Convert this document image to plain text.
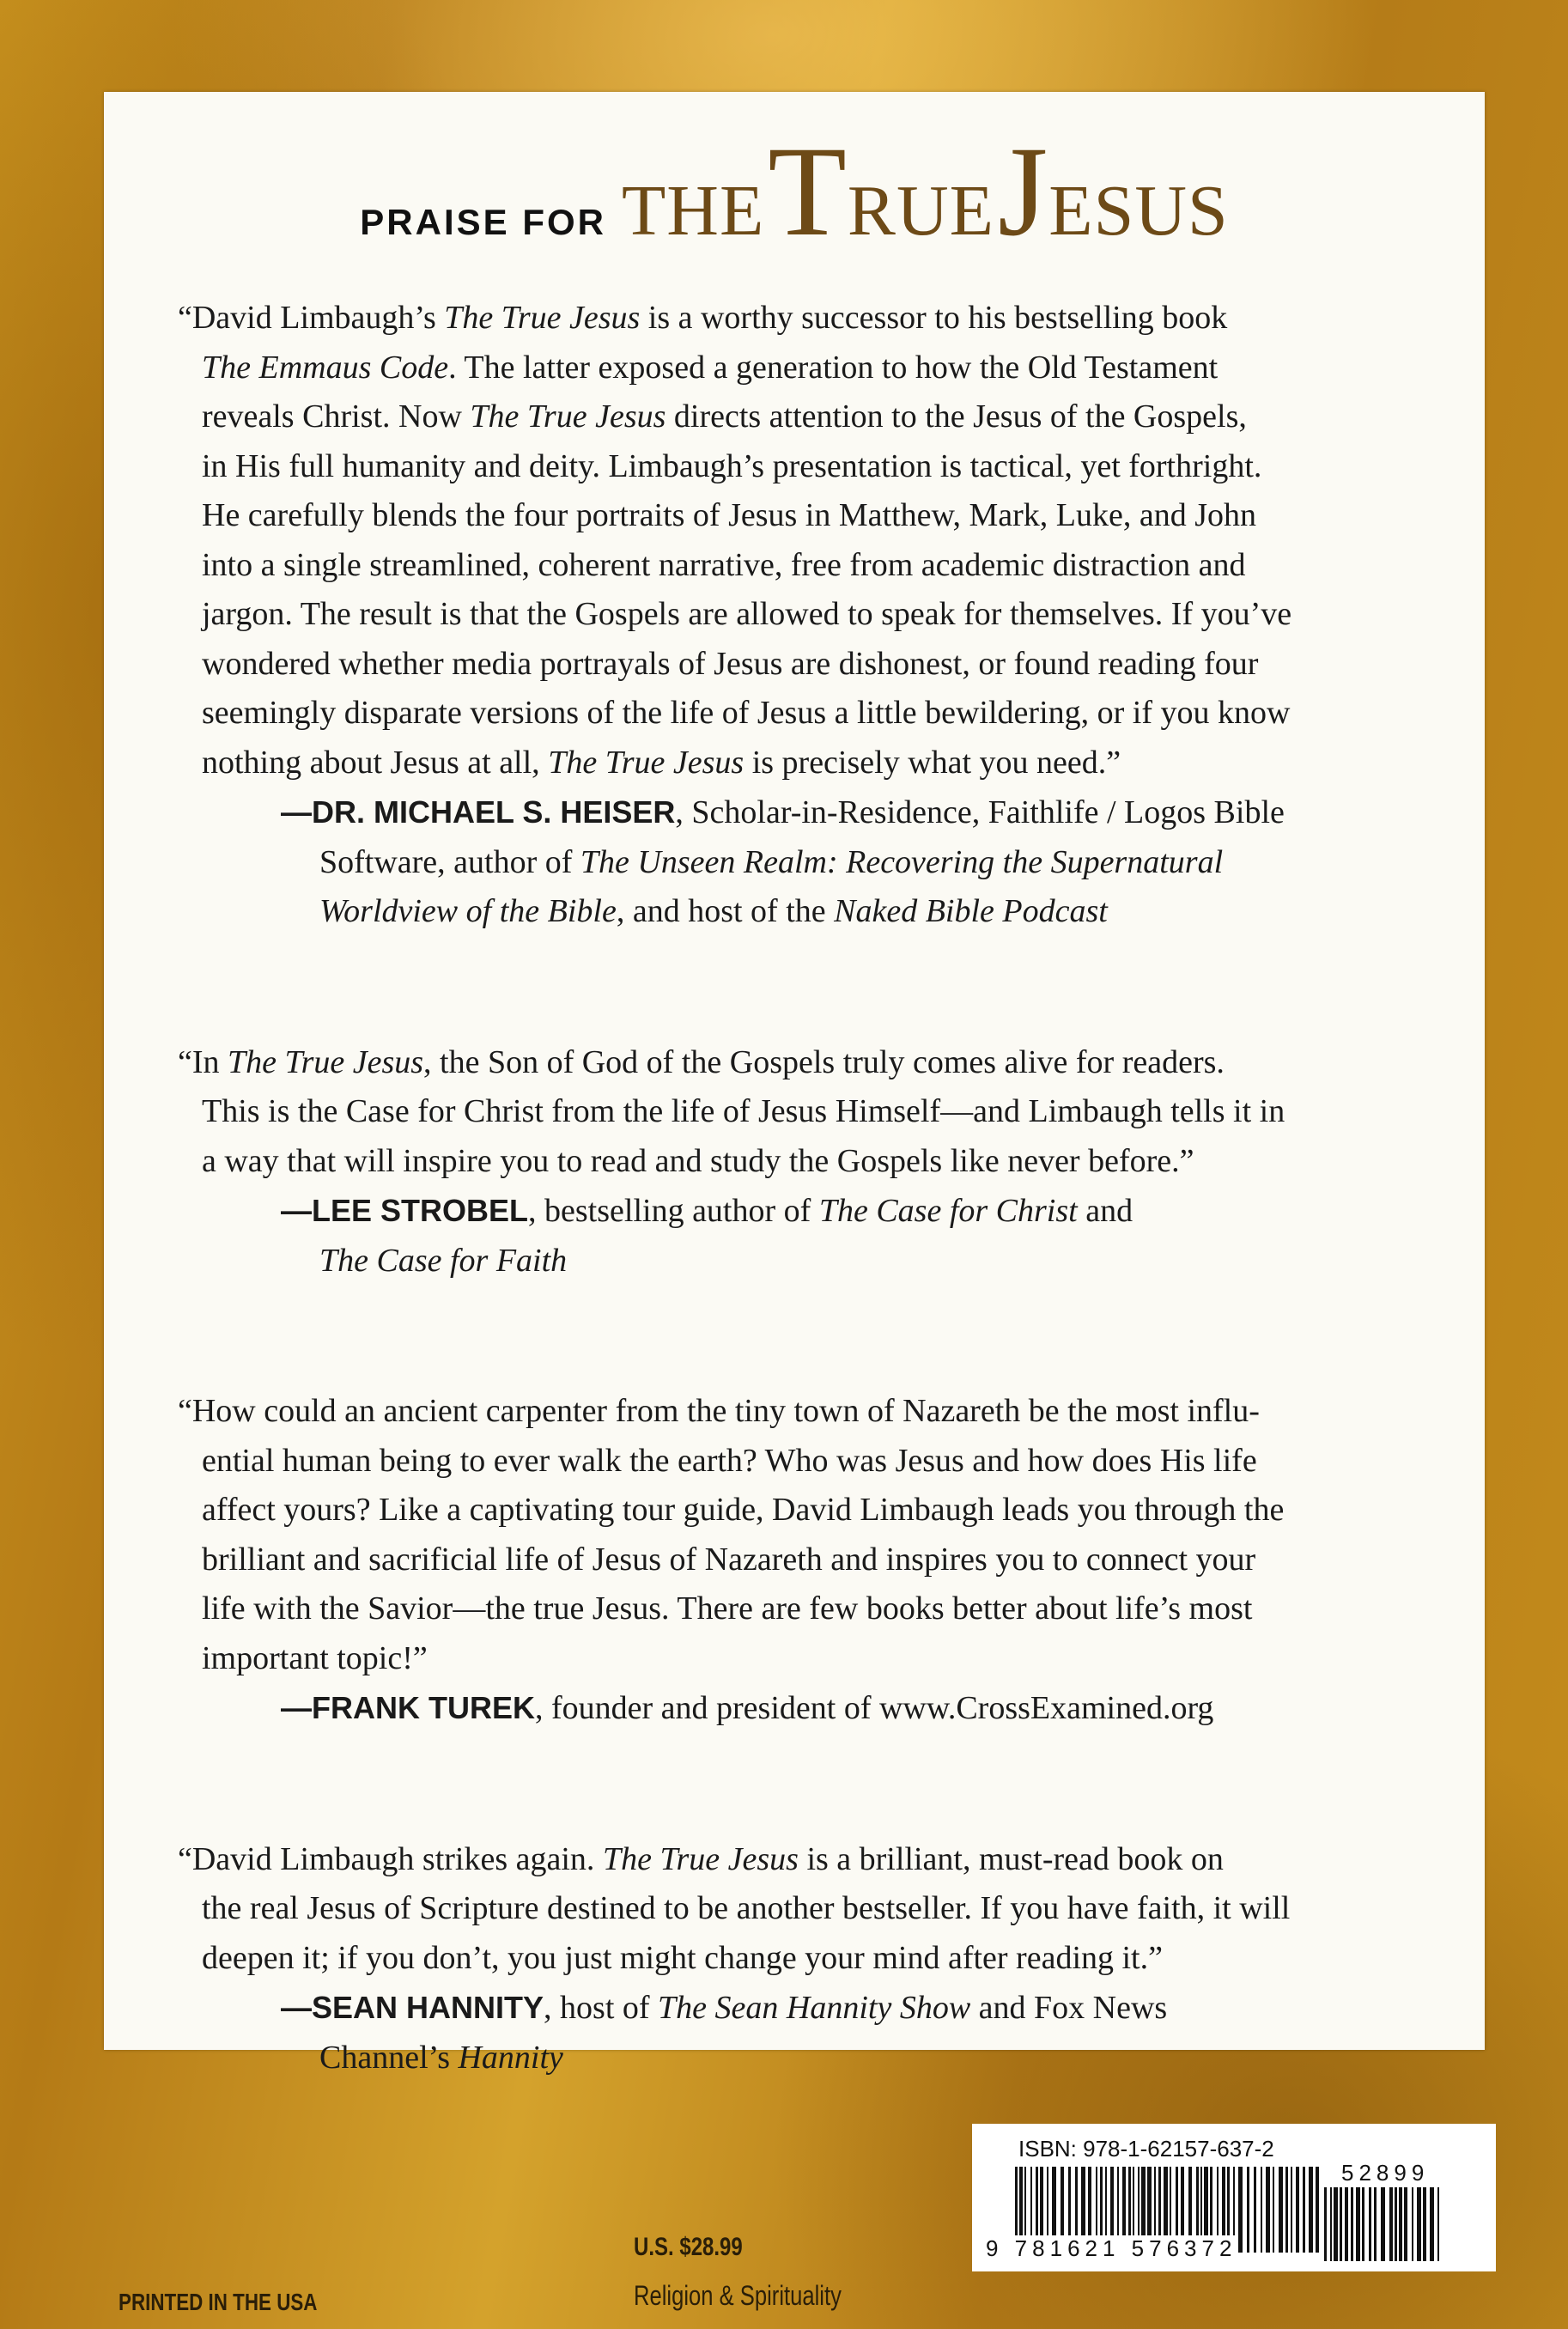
PRAISE FOR THE TRUE JESUS
“David Limbaugh’s The True Jesus is a worthy successor to his bestselling book
The Emmaus Code. The latter exposed a generation to how the Old Testament
reveals Christ. Now The True Jesus directs attention to the Jesus of the Gospels,
in His full humanity and deity. Limbaugh’s presentation is tactical, yet forthright.
He carefully blends the four portraits of Jesus in Matthew, Mark, Luke, and John
into a single streamlined, coherent narrative, free from academic distraction and
jargon. The result is that the Gospels are allowed to speak for themselves. If you’ve
wondered whether media portrayals of Jesus are dishonest, or found reading four
seemingly disparate versions of the life of Jesus a little bewildering, or if you know
nothing about Jesus at all, The True Jesus is precisely what you need.”
—DR. MICHAEL S. HEISER, Scholar-in-Residence, Faithlife / Logos Bible
Software, author of The Unseen Realm: Recovering the Supernatural
Worldview of the Bible, and host of the Naked Bible Podcast
“In The True Jesus, the Son of God of the Gospels truly comes alive for readers.
This is the Case for Christ from the life of Jesus Himself—and Limbaugh tells it in
a way that will inspire you to read and study the Gospels like never before.”
—LEE STROBEL, bestselling author of The Case for Christ and
The Case for Faith
“How could an ancient carpenter from the tiny town of Nazareth be the most influ-
ential human being to ever walk the earth? Who was Jesus and how does His life
affect yours? Like a captivating tour guide, David Limbaugh leads you through the
brilliant and sacrificial life of Jesus of Nazareth and inspires you to connect your
life with the Savior—the true Jesus. There are few books better about life’s most
important topic!”
—FRANK TUREK, founder and president of www.CrossExamined.org
“David Limbaugh strikes again. The True Jesus is a brilliant, must-read book on
the real Jesus of Scripture destined to be another bestseller. If you have faith, it will
deepen it; if you don’t, you just might change your mind after reading it.”
—SEAN HANNITY, host of The Sean Hannity Show and Fox News
Channel’s Hannity
PRINTED IN THE USA
U.S. $28.99
Religion & Spirituality
ISBN: 978-1-62157-637-2
9 781621 576372
52899
